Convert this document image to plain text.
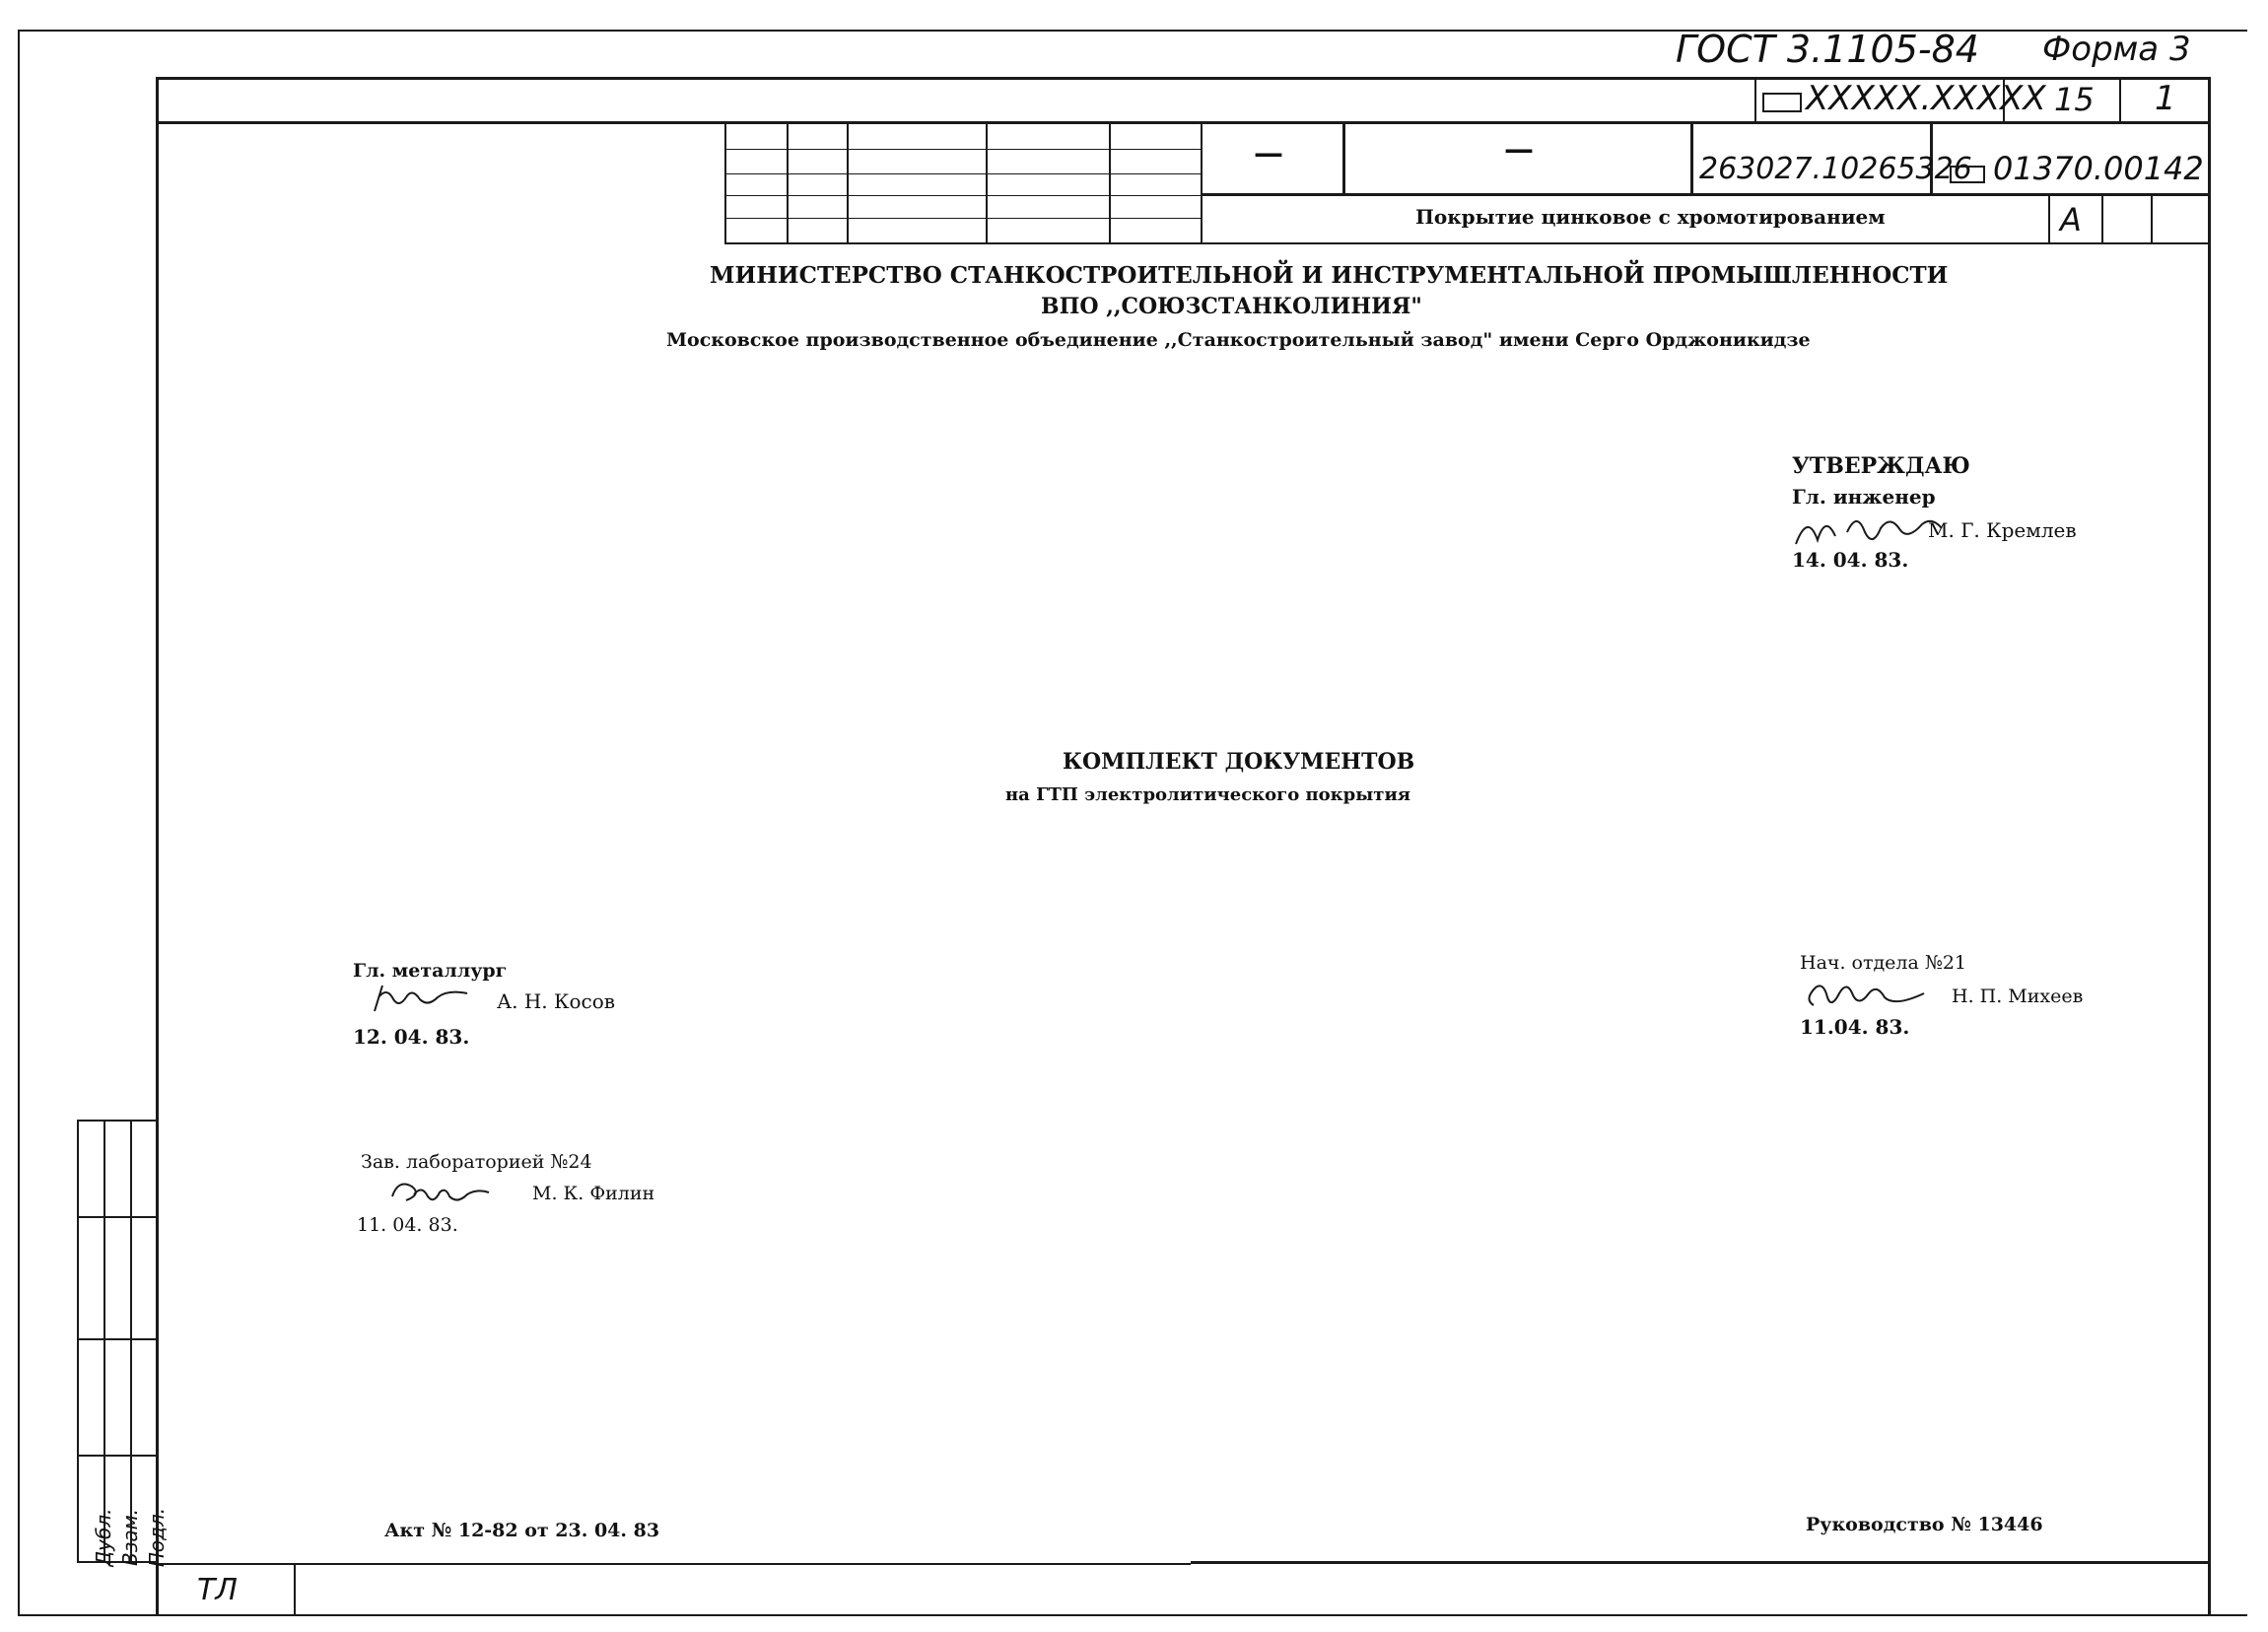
ГОСТ 3.1105-84 Форма 3
XXXXX.XXXXX 15 1
—	—
263027.10265326 01370.00142
Покрытие цинковое с хромотированием	А
МИНИСТЕРСТВО СТАНКОСТРОИТЕЛЬНОЙ И ИНСТРУМЕНТАЛЬНОЙ ПРОМЫШЛЕННОСТИ
ВПО ,,СОЮЗСТАНКОЛИНИЯ"
Московское производственное объединение ,,Станкостроительный завод" имени Серго Орджоникидзе
УТВЕРЖДАЮ
Гл. инженер
М. Г. Кремлев
14. 04. 83.
КОМПЛЕКТ ДОКУМЕНТОВ
на ГТП электролитического покрытия
Гл. металлург
А. Н. Косов
12. 04. 83.
Нач. отдела №21
Н. П. Михеев
11.04. 83.
Зав. лабораторией №24
М. К. Филин
11. 04. 83.
Акт № 12-82 от 23. 04. 83	Руководство № 13446
ТЛ
Дубл. Взам. Подл.
